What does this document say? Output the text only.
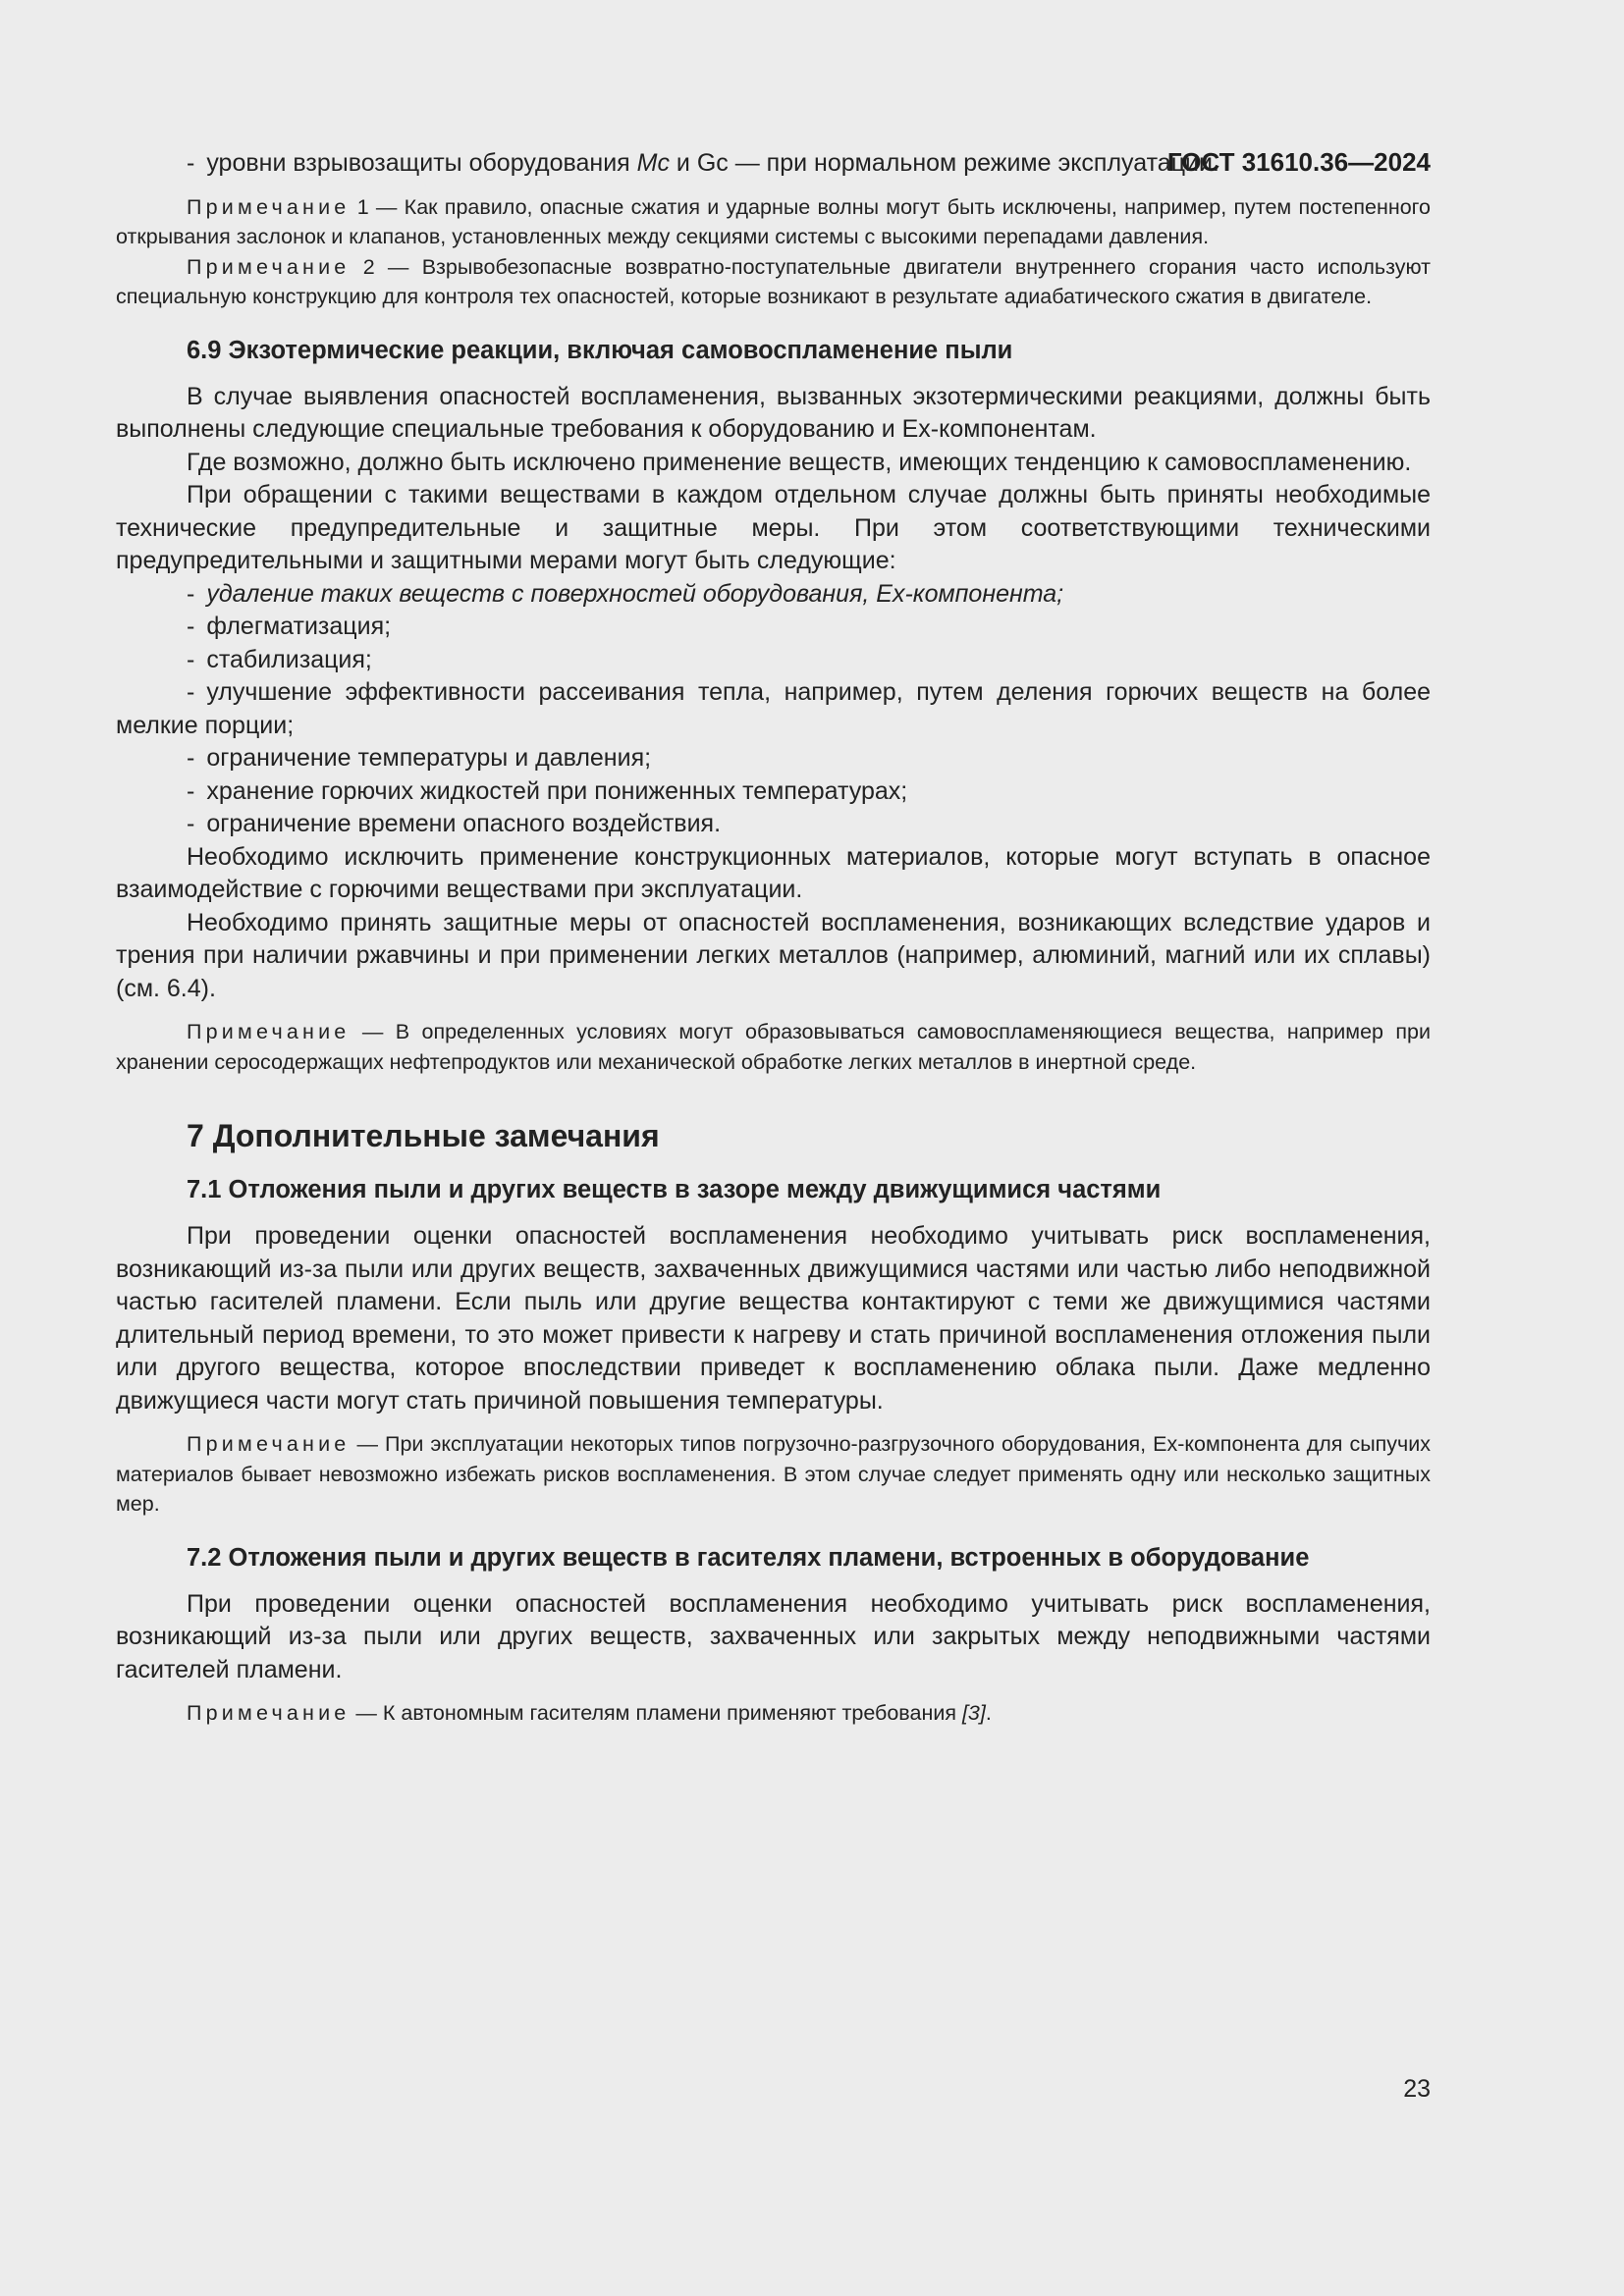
ГОСТ 31610.36—2024

- уровни взрывозащиты оборудования Mc и Gc — при нормальном режиме эксплуатации.

Примечание 1 — Как правило, опасные сжатия и ударные волны могут быть исключены, например, путем постепенного открывания заслонок и клапанов, установленных между секциями системы с высокими перепадами давления.

Примечание 2 — Взрывобезопасные возвратно-поступательные двигатели внутреннего сгорания часто используют специальную конструкцию для контроля тех опасностей, которые возникают в результате адиабатического сжатия в двигателе.

6.9 Экзотермические реакции, включая самовоспламенение пыли

В случае выявления опасностей воспламенения, вызванных экзотермическими реакциями, должны быть выполнены следующие специальные требования к оборудованию и Ex-компонентам.

Где возможно, должно быть исключено применение веществ, имеющих тенденцию к самовоспламенению.

При обращении с такими веществами в каждом отдельном случае должны быть приняты необходимые технические предупредительные и защитные меры. При этом соответствующими техническими предупредительными и защитными мерами могут быть следующие:

- удаление таких веществ с поверхностей оборудования, Ex-компонента;

- флегматизация;

- стабилизация;

- улучшение эффективности рассеивания тепла, например, путем деления горючих веществ на более мелкие порции;

- ограничение температуры и давления;

- хранение горючих жидкостей при пониженных температурах;

- ограничение времени опасного воздействия.

Необходимо исключить применение конструкционных материалов, которые могут вступать в опасное взаимодействие с горючими веществами при эксплуатации.

Необходимо принять защитные меры от опасностей воспламенения, возникающих вследствие ударов и трения при наличии ржавчины и при применении легких металлов (например, алюминий, магний или их сплавы) (см. 6.4).

Примечание — В определенных условиях могут образовываться самовоспламеняющиеся вещества, например при хранении серосодержащих нефтепродуктов или механической обработке легких металлов в инертной среде.

7 Дополнительные замечания
7.1 Отложения пыли и других веществ в зазоре между движущимися частями

При проведении оценки опасностей воспламенения необходимо учитывать риск воспламенения, возникающий из-за пыли или других веществ, захваченных движущимися частями или частью либо неподвижной частью гасителей пламени. Если пыль или другие вещества контактируют с теми же движущимися частями длительный период времени, то это может привести к нагреву и стать причиной воспламенения отложения пыли или другого вещества, которое впоследствии приведет к воспламенению облака пыли. Даже медленно движущиеся части могут стать причиной повышения температуры.

Примечание — При эксплуатации некоторых типов погрузочно-разгрузочного оборудования, Ex-компонента для сыпучих материалов бывает невозможно избежать рисков воспламенения. В этом случае следует применять одну или несколько защитных мер.

7.2 Отложения пыли и других веществ в гасителях пламени, встроенных в оборудование

При проведении оценки опасностей воспламенения необходимо учитывать риск воспламенения, возникающий из-за пыли или других веществ, захваченных или закрытых между неподвижными частями гасителей пламени.

Примечание — К автономным гасителям пламени применяют требования [3].

23
